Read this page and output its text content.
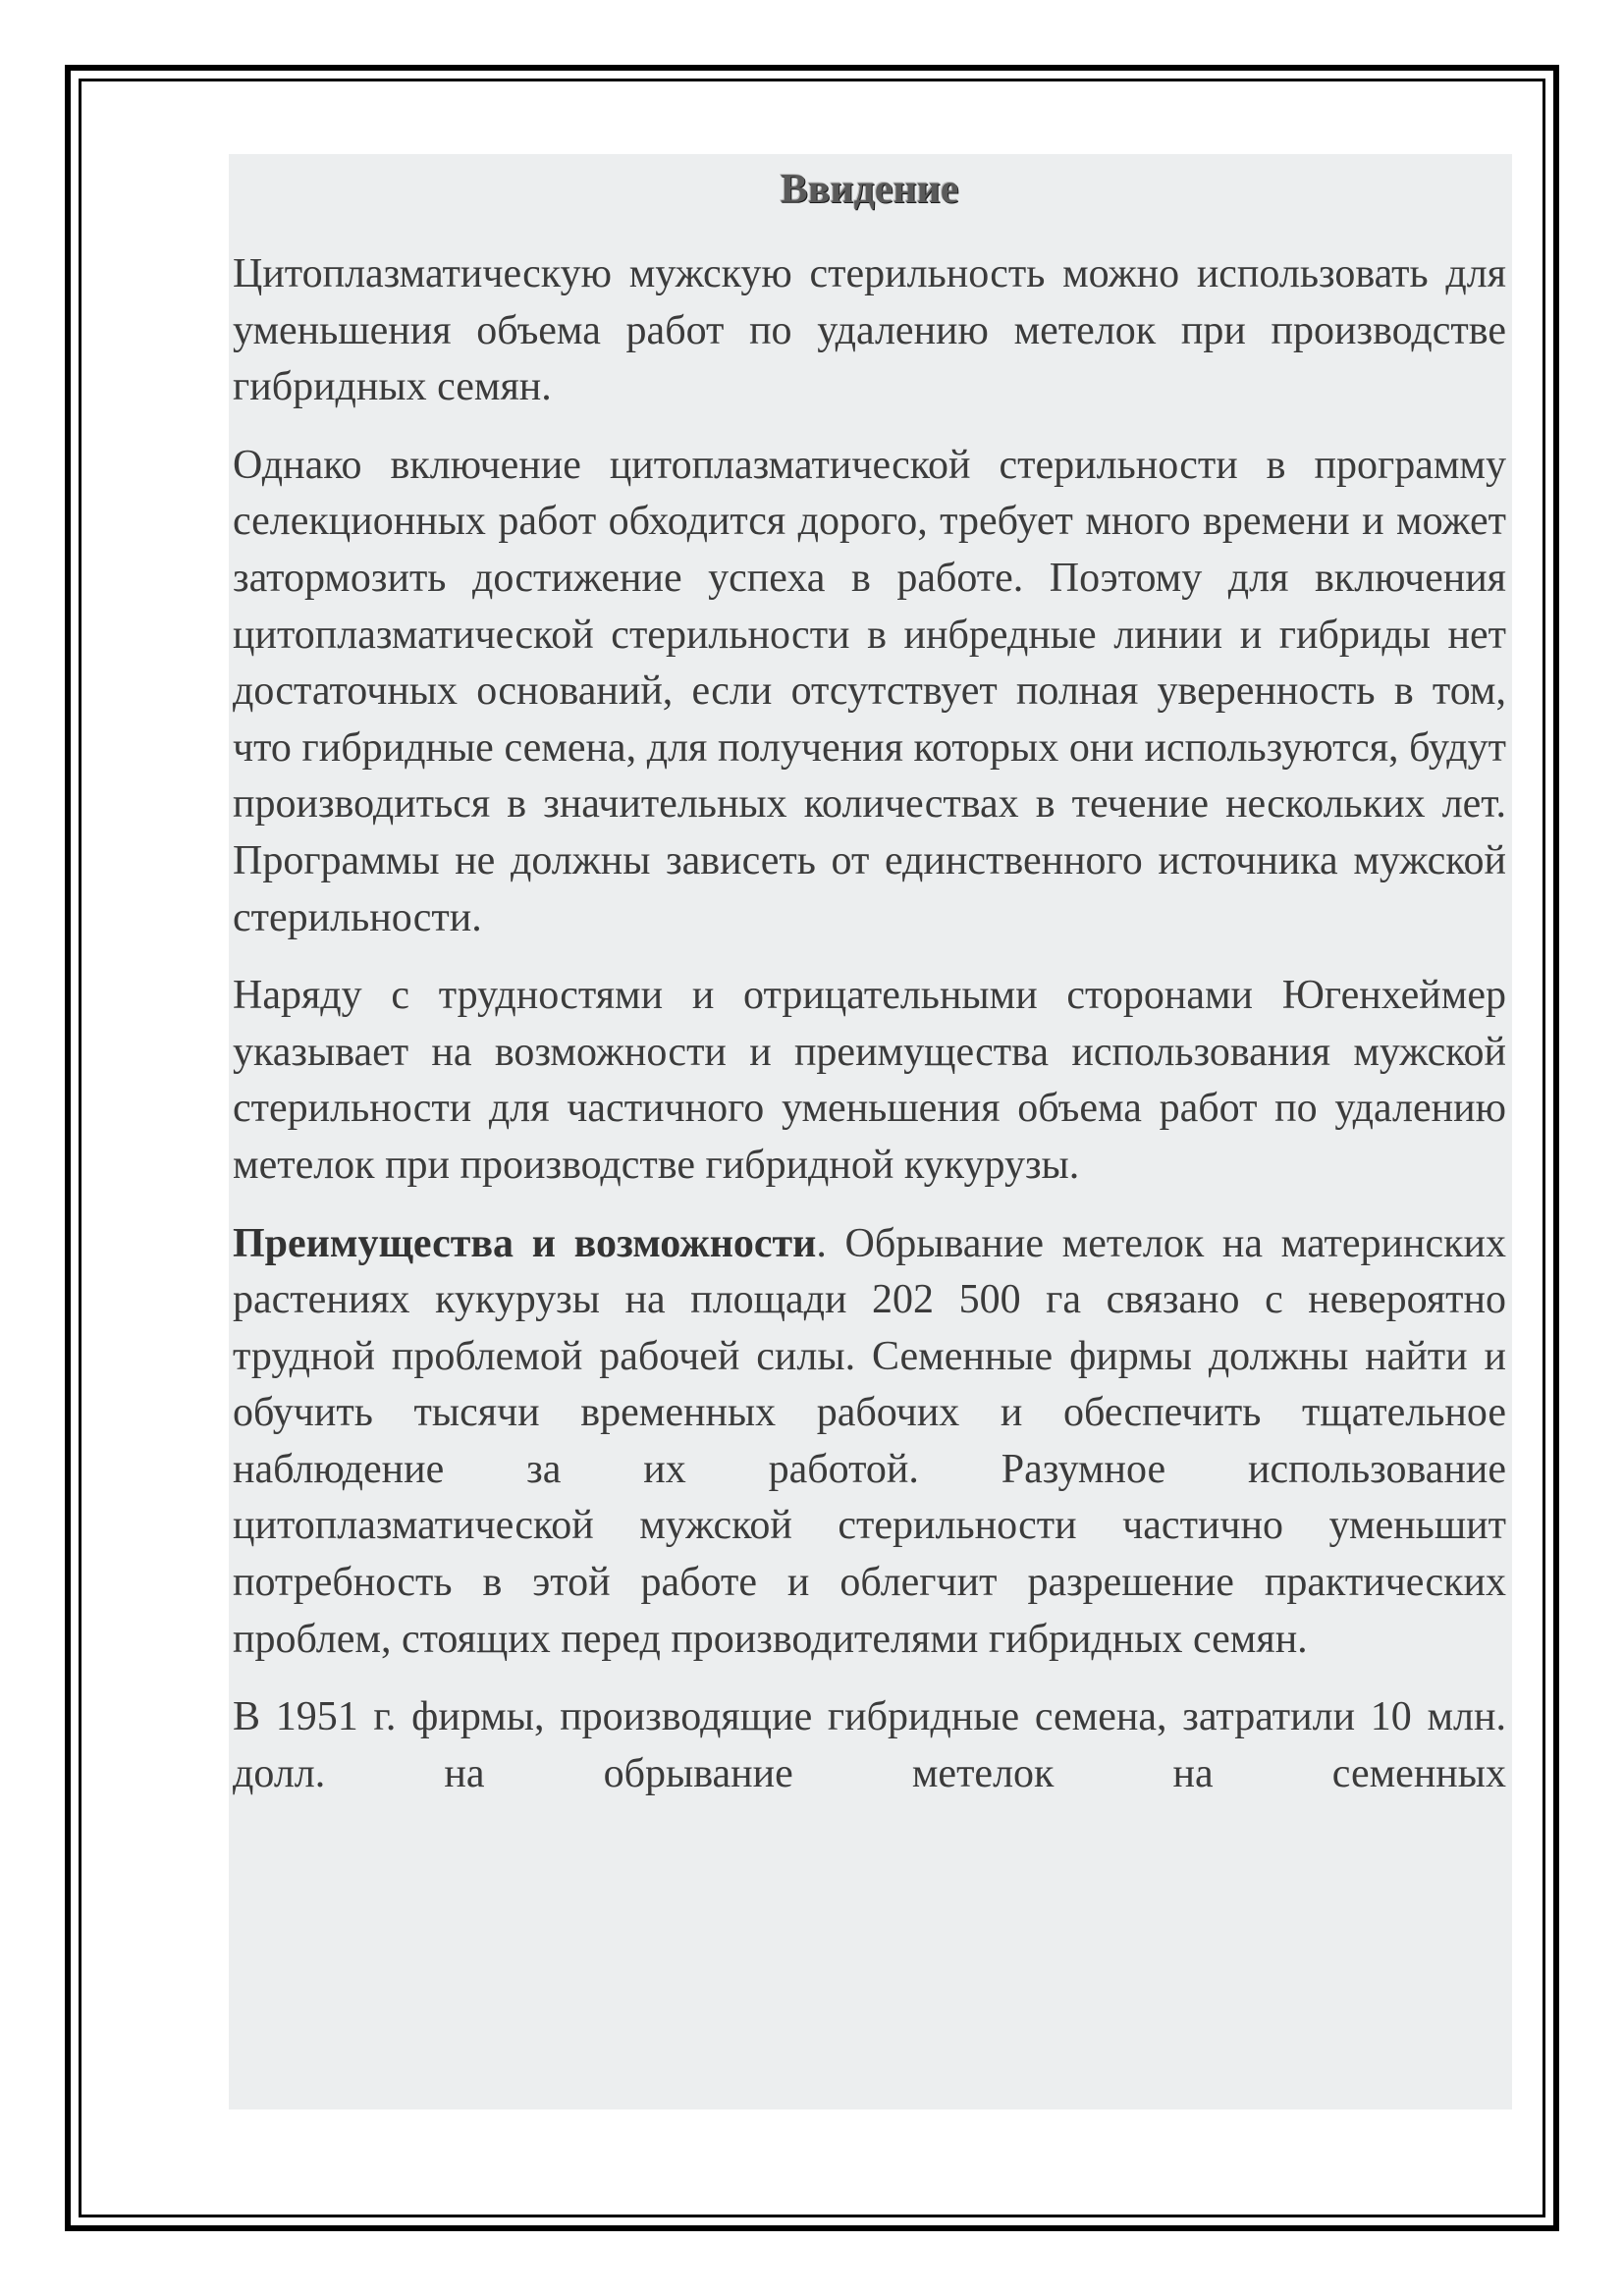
Ввидение

Цитоплазматическую мужскую стерильность можно использовать для уменьшения объема работ по удалению метелок при производстве гибридных семян.

Однако включение цитоплазматической стерильности в программу селекционных работ обходится дорого, требует много времени и может затормозить достижение успеха в работе. Поэтому для включения цитоплазматической стерильности в инбредные линии и гибриды нет достаточных оснований, если отсутствует полная уверенность в том, что гибридные семена, для получения которых они используются, будут производиться в значительных количествах в течение нескольких лет. Программы не должны зависеть от единственного источника мужской стерильности.

Наряду с трудностями и отрицательными сторонами Югенхеймер указывает на возможности и преимущества использования мужской стерильности для частичного уменьшения объема работ по удалению метелок при производстве гибридной кукурузы.

Преимущества и возможности. Обрывание метелок на материнских растениях кукурузы на площади 202 500 га связано с невероятно трудной проблемой рабочей силы. Семенные фирмы должны найти и обучить тысячи временных рабочих и обеспечить тщательное наблюдение за их работой. Разумное использование цитоплазматической мужской стерильности частично уменьшит потребность в этой работе и облегчит разрешение практических проблем, стоящих перед производителями гибридных семян.

В 1951 г. фирмы, производящие гибридные семена, затратили 10 млн. долл. на обрывание метелок на семенных
